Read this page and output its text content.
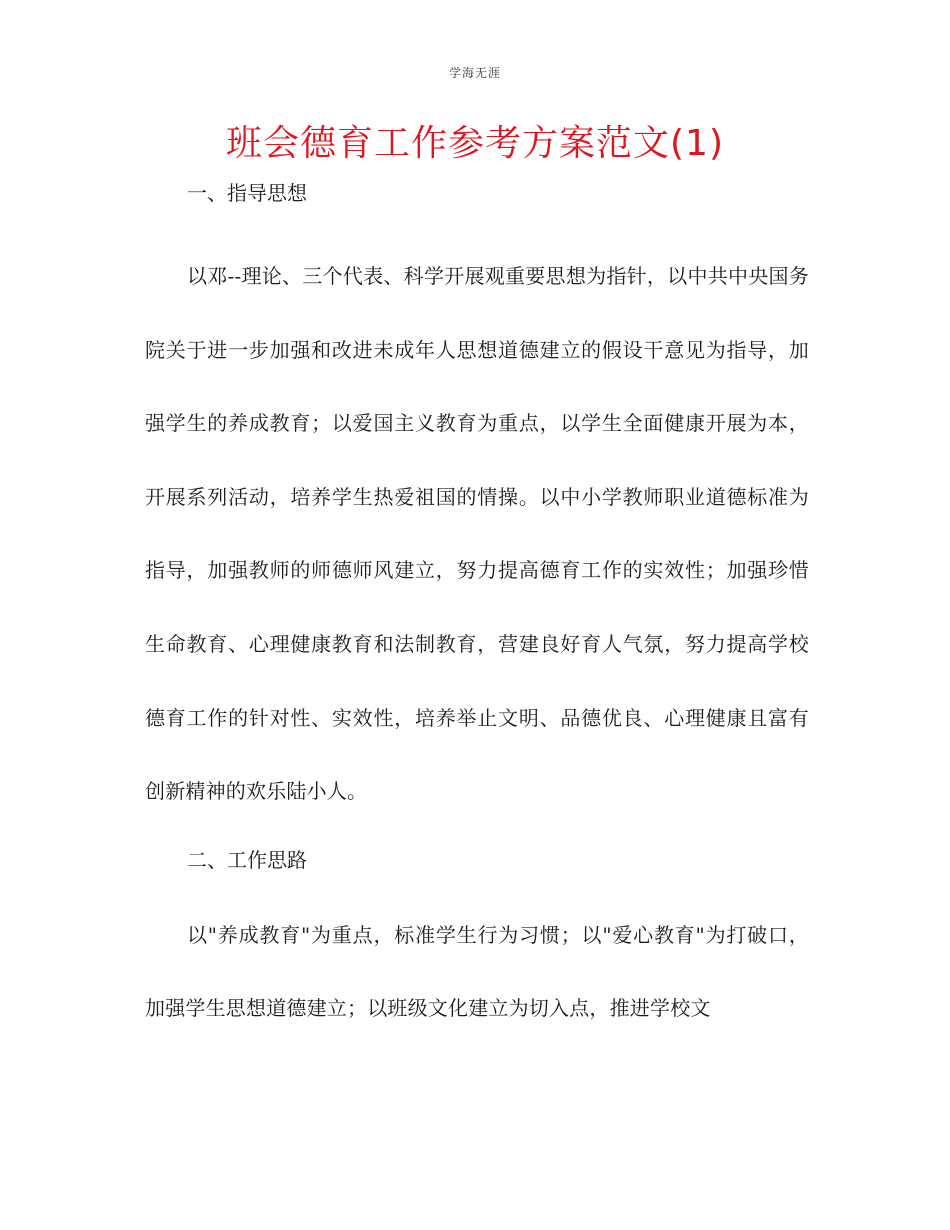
学海无涯
班会德育工作参考方案范文(1)

一、指导思想

以邓--理论、三个代表、科学开展观重要思想为指针，以中共中央国务院关于进一步加强和改进未成年人思想道德建立的假设干意见为指导，加强学生的养成教育；以爱国主义教育为重点，以学生全面健康开展为本，开展系列活动，培养学生热爱祖国的情操。以中小学教师职业道德标准为指导，加强教师的师德师风建立，努力提高德育工作的实效性；加强珍惜生命教育、心理健康教育和法制教育，营建良好育人气氛，努力提高学校德育工作的针对性、实效性，培养举止文明、品德优良、心理健康且富有创新精神的欢乐陆小人。

二、工作思路

以"养成教育"为重点，标准学生行为习惯；以"爱心教育"为打破口，加强学生思想道德建立；以班级文化建立为切入点，推进学校文
